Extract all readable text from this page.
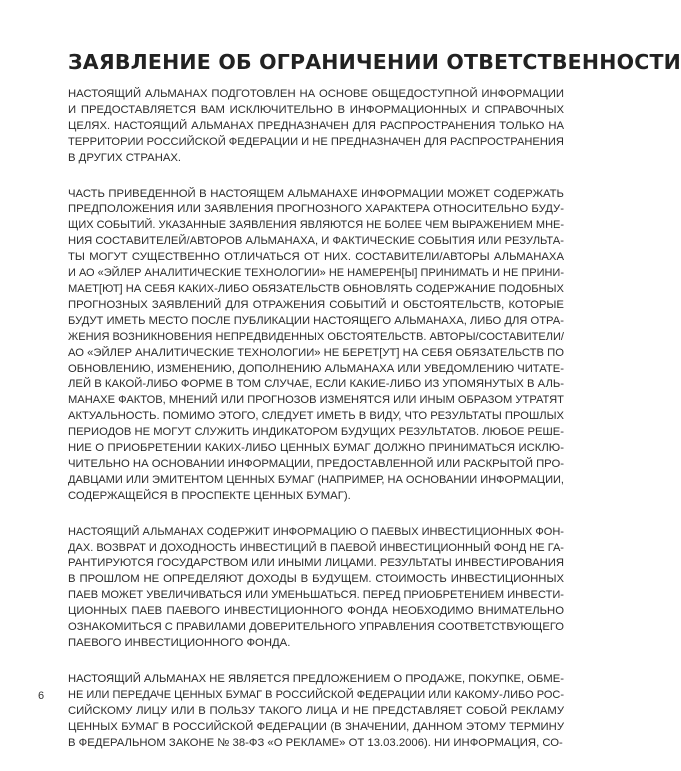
ЗАЯВЛЕНИЕ ОБ ОГРАНИЧЕНИИ ОТВЕТСТВЕННОСТИ
НАСТОЯЩИЙ АЛЬМАНАХ ПОДГОТОВЛЕН НА ОСНОВЕ ОБЩЕДОСТУПНОЙ ИНФОРМАЦИИ
И ПРЕДОСТАВЛЯЕТСЯ ВАМ ИСКЛЮЧИТЕЛЬНО В ИНФОРМАЦИОННЫХ И СПРАВОЧНЫХ
ЦЕЛЯХ. НАСТОЯЩИЙ АЛЬМАНАХ ПРЕДНАЗНАЧЕН ДЛЯ РАСПРОСТРАНЕНИЯ ТОЛЬКО НА
ТЕРРИТОРИИ РОССИЙСКОЙ ФЕДЕРАЦИИ И НЕ ПРЕДНАЗНАЧЕН ДЛЯ РАСПРОСТРАНЕНИЯ
В ДРУГИХ СТРАНАХ.
ЧАСТЬ ПРИВЕДЕННОЙ В НАСТОЯЩЕМ АЛЬМАНАХЕ ИНФОРМАЦИИ МОЖЕТ СОДЕРЖАТЬ
ПРЕДПОЛОЖЕНИЯ ИЛИ ЗАЯВЛЕНИЯ ПРОГНОЗНОГО ХАРАКТЕРА ОТНОСИТЕЛЬНО БУДУ-
ЩИХ СОБЫТИЙ. УКАЗАННЫЕ ЗАЯВЛЕНИЯ ЯВЛЯЮТСЯ НЕ БОЛЕЕ ЧЕМ ВЫРАЖЕНИЕМ МНЕ-
НИЯ СОСТАВИТЕЛЕЙ/АВТОРОВ АЛЬМАНАХА, И ФАКТИЧЕСКИЕ СОБЫТИЯ ИЛИ РЕЗУЛЬТА-
ТЫ МОГУТ СУЩЕСТВЕННО ОТЛИЧАТЬСЯ ОТ НИХ. СОСТАВИТЕЛИ/АВТОРЫ АЛЬМАНАХА
И АО «ЭЙЛЕР АНАЛИТИЧЕСКИЕ ТЕХНОЛОГИИ» НЕ НАМЕРЕН[Ы] ПРИНИМАТЬ И НЕ ПРИНИ-
МАЕТ[ЮТ] НА СЕБЯ КАКИХ-ЛИБО ОБЯЗАТЕЛЬСТВ ОБНОВЛЯТЬ СОДЕРЖАНИЕ ПОДОБНЫХ
ПРОГНОЗНЫХ ЗАЯВЛЕНИЙ ДЛЯ ОТРАЖЕНИЯ СОБЫТИЙ И ОБСТОЯТЕЛЬСТВ, КОТОРЫЕ
БУДУТ ИМЕТЬ МЕСТО ПОСЛЕ ПУБЛИКАЦИИ НАСТОЯЩЕГО АЛЬМАНАХА, ЛИБО ДЛЯ ОТРА-
ЖЕНИЯ ВОЗНИКНОВЕНИЯ НЕПРЕДВИДЕННЫХ ОБСТОЯТЕЛЬСТВ. АВТОРЫ/СОСТАВИТЕЛИ/
АО «ЭЙЛЕР АНАЛИТИЧЕСКИЕ ТЕХНОЛОГИИ» НЕ БЕРЕТ[УТ] НА СЕБЯ ОБЯЗАТЕЛЬСТВ ПО
ОБНОВЛЕНИЮ, ИЗМЕНЕНИЮ, ДОПОЛНЕНИЮ АЛЬМАНАХА ИЛИ УВЕДОМЛЕНИЮ ЧИТАТЕ-
ЛЕЙ В КАКОЙ-ЛИБО ФОРМЕ В ТОМ СЛУЧАЕ, ЕСЛИ КАКИЕ-ЛИБО ИЗ УПОМЯНУТЫХ В АЛЬ-
МАНАХЕ ФАКТОВ, МНЕНИЙ ИЛИ ПРОГНОЗОВ ИЗМЕНЯТСЯ ИЛИ ИНЫМ ОБРАЗОМ УТРАТЯТ
АКТУАЛЬНОСТЬ. ПОМИМО ЭТОГО, СЛЕДУЕТ ИМЕТЬ В ВИДУ, ЧТО РЕЗУЛЬТАТЫ ПРОШЛЫХ
ПЕРИОДОВ НЕ МОГУТ СЛУЖИТЬ ИНДИКАТОРОМ БУДУЩИХ РЕЗУЛЬТАТОВ. ЛЮБОЕ РЕШЕ-
НИЕ О ПРИОБРЕТЕНИИ КАКИХ-ЛИБО ЦЕННЫХ БУМАГ ДОЛЖНО ПРИНИМАТЬСЯ ИСКЛЮ-
ЧИТЕЛЬНО НА ОСНОВАНИИ ИНФОРМАЦИИ, ПРЕДОСТАВЛЕННОЙ ИЛИ РАСКРЫТОЙ ПРО-
ДАВЦАМИ ИЛИ ЭМИТЕНТОМ ЦЕННЫХ БУМАГ (НАПРИМЕР, НА ОСНОВАНИИ ИНФОРМАЦИИ,
СОДЕРЖАЩЕЙСЯ В ПРОСПЕКТЕ ЦЕННЫХ БУМАГ).
НАСТОЯЩИЙ АЛЬМАНАХ СОДЕРЖИТ ИНФОРМАЦИЮ О ПАЕВЫХ ИНВЕСТИЦИОННЫХ ФОН-
ДАХ. ВОЗВРАТ И ДОХОДНОСТЬ ИНВЕСТИЦИЙ В ПАЕВОЙ ИНВЕСТИЦИОННЫЙ ФОНД НЕ ГА-
РАНТИРУЮТСЯ ГОСУДАРСТВОМ ИЛИ ИНЫМИ ЛИЦАМИ. РЕЗУЛЬТАТЫ ИНВЕСТИРОВАНИЯ
В ПРОШЛОМ НЕ ОПРЕДЕЛЯЮТ ДОХОДЫ В БУДУЩЕМ. СТОИМОСТЬ ИНВЕСТИЦИОННЫХ
ПАЕВ МОЖЕТ УВЕЛИЧИВАТЬСЯ ИЛИ УМЕНЬШАТЬСЯ. ПЕРЕД ПРИОБРЕТЕНИЕМ ИНВЕСТИ-
ЦИОННЫХ ПАЕВ ПАЕВОГО ИНВЕСТИЦИОННОГО ФОНДА НЕОБХОДИМО ВНИМАТЕЛЬНО
ОЗНАКОМИТЬСЯ С ПРАВИЛАМИ ДОВЕРИТЕЛЬНОГО УПРАВЛЕНИЯ СООТВЕТСТВУЮЩЕГО
ПАЕВОГО ИНВЕСТИЦИОННОГО ФОНДА.
НАСТОЯЩИЙ АЛЬМАНАХ НЕ ЯВЛЯЕТСЯ ПРЕДЛОЖЕНИЕМ О ПРОДАЖЕ, ПОКУПКЕ, ОБМЕ-
НЕ ИЛИ ПЕРЕДАЧЕ ЦЕННЫХ БУМАГ В РОССИЙСКОЙ ФЕДЕРАЦИИ ИЛИ КАКОМУ-ЛИБО РОС-
СИЙСКОМУ ЛИЦУ ИЛИ В ПОЛЬЗУ ТАКОГО ЛИЦА И НЕ ПРЕДСТАВЛЯЕТ СОБОЙ РЕКЛАМУ
ЦЕННЫХ БУМАГ В РОССИЙСКОЙ ФЕДЕРАЦИИ (В ЗНАЧЕНИИ, ДАННОМ ЭТОМУ ТЕРМИНУ
В ФЕДЕРАЛЬНОМ ЗАКОНЕ № 38-ФЗ «О РЕКЛАМЕ» ОТ 13.03.2006). НИ ИНФОРМАЦИЯ, СО-
6
